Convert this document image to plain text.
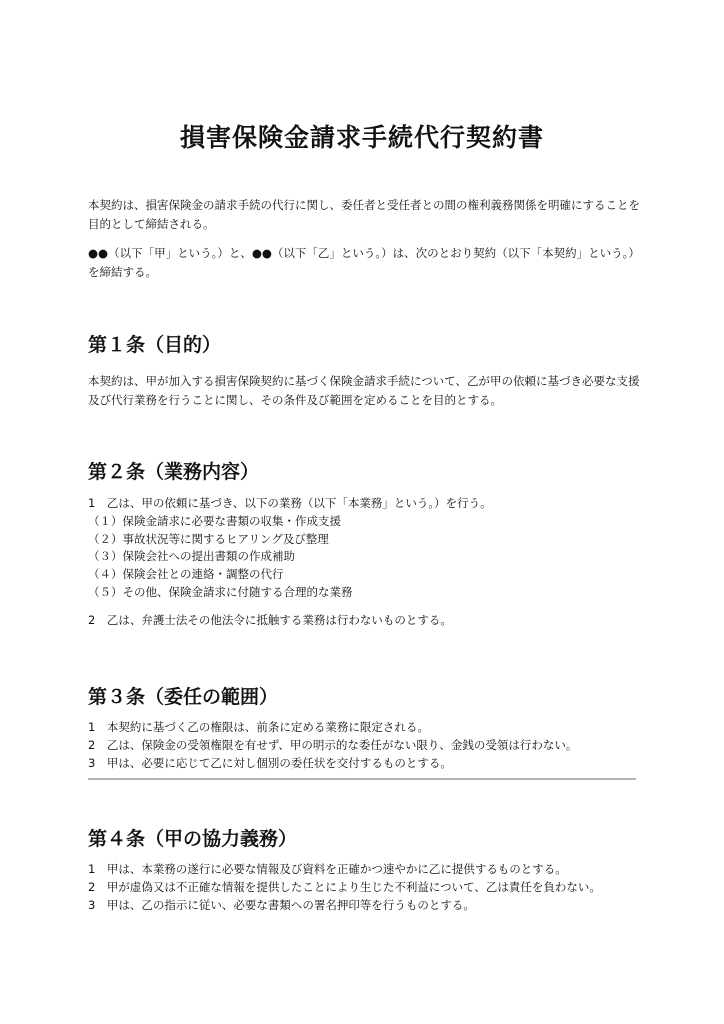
損害保険金請求手続代行契約書
本契約は、損害保険金の請求手続の代行に関し、委任者と受任者との間の権利義務関係を明確にすることを目的として締結される。
●●（以下「甲」という。）と、●●（以下「乙」という。）は、次のとおり契約（以下「本契約」という。）を締結する。
第１条（目的）
本契約は、甲が加入する損害保険契約に基づく保険金請求手続について、乙が甲の依頼に基づき必要な支援及び代行業務を行うことに関し、その条件及び範囲を定めることを目的とする。
第２条（業務内容）
1　乙は、甲の依頼に基づき、以下の業務（以下「本業務」という。）を行う。
（１）保険金請求に必要な書類の収集・作成支援
（２）事故状況等に関するヒアリング及び整理
（３）保険会社への提出書類の作成補助
（４）保険会社との連絡・調整の代行
（５）その他、保険金請求に付随する合理的な業務
2　乙は、弁護士法その他法令に抵触する業務は行わないものとする。
第３条（委任の範囲）
1　本契約に基づく乙の権限は、前条に定める業務に限定される。
2　乙は、保険金の受領権限を有せず、甲の明示的な委任がない限り、金銭の受領は行わない。
3　甲は、必要に応じて乙に対し個別の委任状を交付するものとする。
第４条（甲の協力義務）
1　甲は、本業務の遂行に必要な情報及び資料を正確かつ速やかに乙に提供するものとする。
2　甲が虚偽又は不正確な情報を提供したことにより生じた不利益について、乙は責任を負わない。
3　甲は、乙の指示に従い、必要な書類への署名押印等を行うものとする。
